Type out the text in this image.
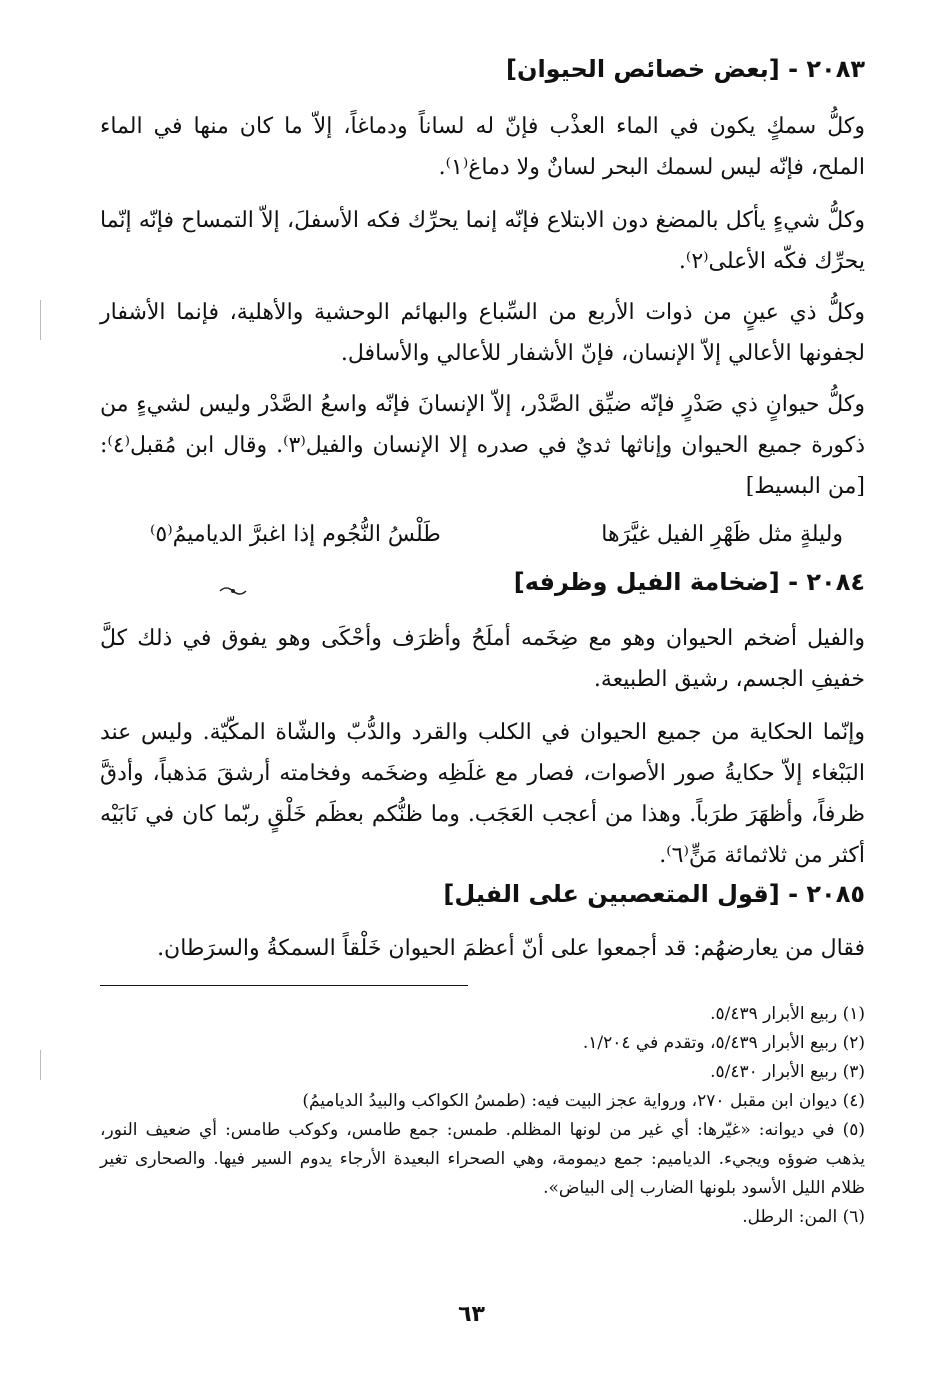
٢٠٨٣ - [بعض خصائص الحيوان]
وكلُّ سمكٍ يكون في الماء العذْب فإنّ له لساناً ودماغاً، إلاّ ما كان منها في الماء الملح، فإنّه ليس لسمك البحر لسانٌ ولا دماغ⁽١⁾.
وكلُّ شيءٍ يأكل بالمضغ دون الابتلاع فإنّه إنما يحرِّك فكه الأسفلَ، إلاّ التمساح فإنّه إنّما يحرِّك فكّه الأعلى⁽٢⁾.
وكلُّ ذي عينٍ من ذوات الأربع من السِّباع والبهائم الوحشية والأهلية، فإنما الأشفار لجفونها الأعالي إلاّ الإنسان، فإنّ الأشفار للأعالي والأسافل.
وكلُّ حيوانٍ ذي صَدْرٍ فإنّه ضيِّق الصَّدْر، إلاّ الإنسانَ فإنّه واسعُ الصَّدْر وليس لشيءٍ من ذكورة جميع الحيوان وإناثها ثديٌ في صدره إلا الإنسان والفيل⁽٣⁾. وقال ابن مُقبل⁽٤⁾: [من البسيط]
وليلةٍ مثل ظَهْرِ الفيل غيَّرَها
طَلْسُ النُّجُوم إذا اغبرَّ الدياميمُ⁽٥⁾
٢٠٨٤ - [ضخامة الفيل وظرفه]
والفيل أضخم الحيوان وهو مع ضِخَمه أملَحُ وأظرَف وأحْكَى وهو يفوق في ذلك كلَّ خفيفِ الجسم، رشيق الطبيعة.
وإنّما الحكاية من جميع الحيوان في الكلب والقرد والدُّبّ والشّاة المكّيّة. وليس عند البَبْغاء إلاّ حكايةُ صور الأصوات، فصار مع غلَظِه وضخَمه وفخامته أرشقَ مَذهباً، وأدقَّ ظرفاً، وأظهَرَ طرَباً. وهذا من أعجب العَجَب. وما ظنُّكم بعظَم خَلْقٍ ربّما كان في نَابَيْه أكثر من ثلاثمائة مَنٍّ⁽٦⁾.
٢٠٨٥ - [قول المتعصبين على الفيل]
فقال من يعارضهُم: قد أجمعوا على أنّ أعظمَ الحيوان خَلْقاً السمكةُ والسرَطان.
(١) ربيع الأبرار ٥/٤٣٩.
(٢) ربيع الأبرار ٥/٤٣٩، وتقدم في ١/٢٠٤.
(٣) ربيع الأبرار ٥/٤٣٠.
(٤) ديوان ابن مقبل ٢٧٠، ورواية عجز البيت فيه: (طمسُ الكواكب والبيدُ الدياميمُ)
(٥) في ديوانه: «غيّرها: أي غير من لونها المظلم. طمس: جمع طامس، وكوكب طامس: أي ضعيف النور، يذهب ضوؤه ويجيء. الدياميم: جمع ديمومة، وهي الصحراء البعيدة الأرجاء يدوم السير فيها. والصحارى تغير ظلام الليل الأسود بلونها الضارب إلى البياض».
(٦) المن: الرطل.
٦٣
